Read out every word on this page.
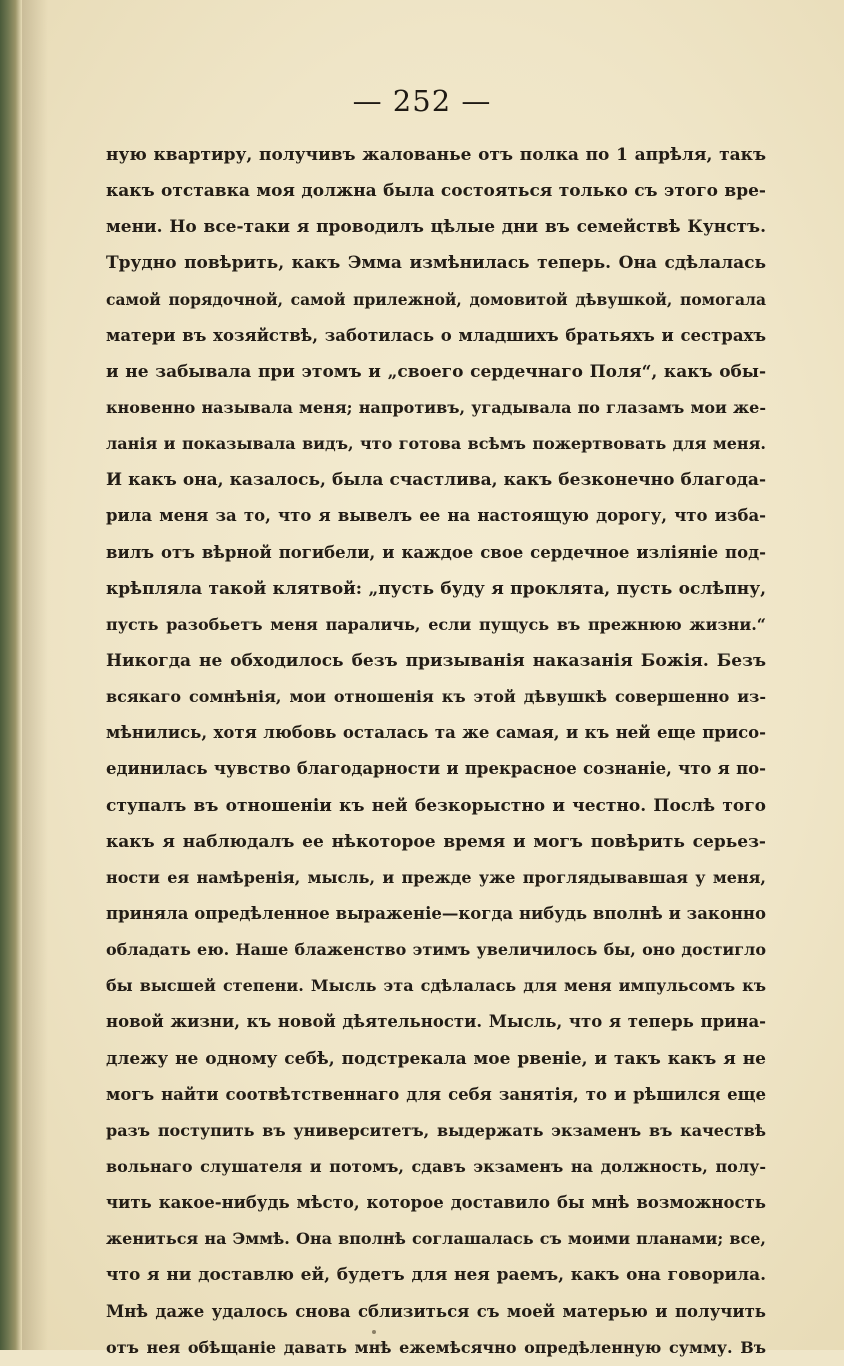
— 252 —
ную квартиру, получивъ жалованье отъ полка по 1 апрѣля, такъ
какъ отставка моя должна была состояться только съ этого вре-
мени. Но все-таки я проводилъ цѣлые дни въ семействѣ Кунстъ.
Трудно повѣрить, какъ Эмма измѣнилась теперь. Она сдѣлалась
самой порядочной, самой прилежной, домовитой дѣвушкой, помогала
матери въ хозяйствѣ, заботилась о младшихъ братьяхъ и сестрахъ
и не забывала при этомъ и „своего сердечнаго Поля“, какъ обы-
кновенно называла меня; напротивъ, угадывала по глазамъ мои же-
ланія и показывала видъ, что готова всѣмъ пожертвовать для меня.
И какъ она, казалось, была счастлива, какъ безконечно благода-
рила меня за то, что я вывелъ ее на настоящую дорогу, что изба-
вилъ отъ вѣрной погибели, и каждое свое сердечное изліяніе под-
крѣпляла такой клятвой: „пусть буду я проклята, пусть ослѣпну,
пусть разобьетъ меня параличь, если пущусь въ прежнюю жизни.“
Никогда не обходилось безъ призыванія наказанія Божія. Безъ
всякаго сомнѣнія, мои отношенія къ этой дѣвушкѣ совершенно из-
мѣнились, хотя любовь осталась та же самая, и къ ней еще присо-
единилась чувство благодарности и прекрасное сознаніе, что я по-
ступалъ въ отношеніи къ ней безкорыстно и честно. Послѣ того
какъ я наблюдалъ ее нѣкоторое время и могъ повѣрить серьез-
ности ея намѣренія, мысль, и прежде уже проглядывавшая у меня,
приняла опредѣленное выраженіе—когда нибудь вполнѣ и законно
обладать ею. Наше блаженство этимъ увеличилось бы, оно достигло
бы высшей степени. Мысль эта сдѣлалась для меня импульсомъ къ
новой жизни, къ новой дѣятельности. Мысль, что я теперь прина-
длежу не одному себѣ, подстрекала мое рвеніе, и такъ какъ я не
могъ найти соотвѣтственнаго для себя занятія, то и рѣшился еще
разъ поступить въ университетъ, выдержать экзаменъ въ качествѣ
вольнаго слушателя и потомъ, сдавъ экзаменъ на должность, полу-
чить какое-нибудь мѣсто, которое доставило бы мнѣ возможность
жениться на Эммѣ. Она вполнѣ соглашалась съ моими планами; все,
что я ни доставлю ей, будетъ для нея раемъ, какъ она говорила.
Мнѣ даже удалось снова сблизиться съ моей матерью и получить
отъ нея обѣщаніе давать мнѣ ежемѣсячно опредѣленную сумму. Въ
